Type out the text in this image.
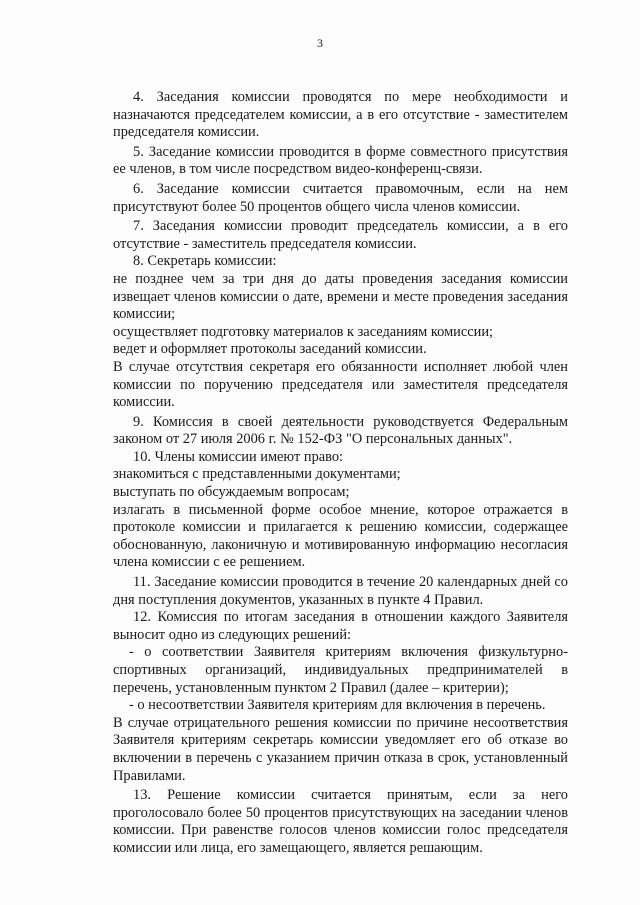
3

4. Заседания комиссии проводятся по мере необходимости и назначаются председателем комиссии, а в его отсутствие - заместителем председателя комиссии.

5. Заседание комиссии проводится в форме совместного присутствия ее членов, в том числе посредством видео-конференц-связи.

6. Заседание комиссии считается правомочным, если на нем присутствуют более 50 процентов общего числа членов комиссии.

7. Заседания комиссии проводит председатель комиссии, а в его отсутствие - заместитель председателя комиссии.

8. Секретарь комиссии:

не позднее чем за три дня до даты проведения заседания комиссии извещает членов комиссии о дате, времени и месте проведения заседания комиссии;

осуществляет подготовку материалов к заседаниям комиссии;

ведет и оформляет протоколы заседаний комиссии.

В случае отсутствия секретаря его обязанности исполняет любой член комиссии по поручению председателя или заместителя председателя комиссии.

9. Комиссия в своей деятельности руководствуется Федеральным законом от 27 июля 2006 г. № 152-ФЗ "О персональных данных".

10. Члены комиссии имеют право:

знакомиться с представленными документами;

выступать по обсуждаемым вопросам;

излагать в письменной форме особое мнение, которое отражается в протоколе комиссии и прилагается к решению комиссии, содержащее обоснованную, лаконичную и мотивированную информацию несогласия члена комиссии с ее решением.

11. Заседание комиссии проводится в течение 20 календарных дней со дня поступления документов, указанных в пункте 4 Правил.

12. Комиссия по итогам заседания в отношении каждого Заявителя выносит одно из следующих решений:

- о соответствии Заявителя критериям включения физкультурно-спортивных организаций, индивидуальных предпринимателей в перечень, установленным пунктом 2 Правил (далее – критерии);

- о несоответствии Заявителя критериям для включения в перечень.

В случае отрицательного решения комиссии по причине несоответствия Заявителя критериям секретарь комиссии уведомляет его об отказе во включении в перечень с указанием причин отказа в срок, установленный Правилами.

13. Решение комиссии считается принятым, если за него проголосовало более 50 процентов присутствующих на заседании членов комиссии. При равенстве голосов членов комиссии голос председателя комиссии или лица, его замещающего, является решающим.
